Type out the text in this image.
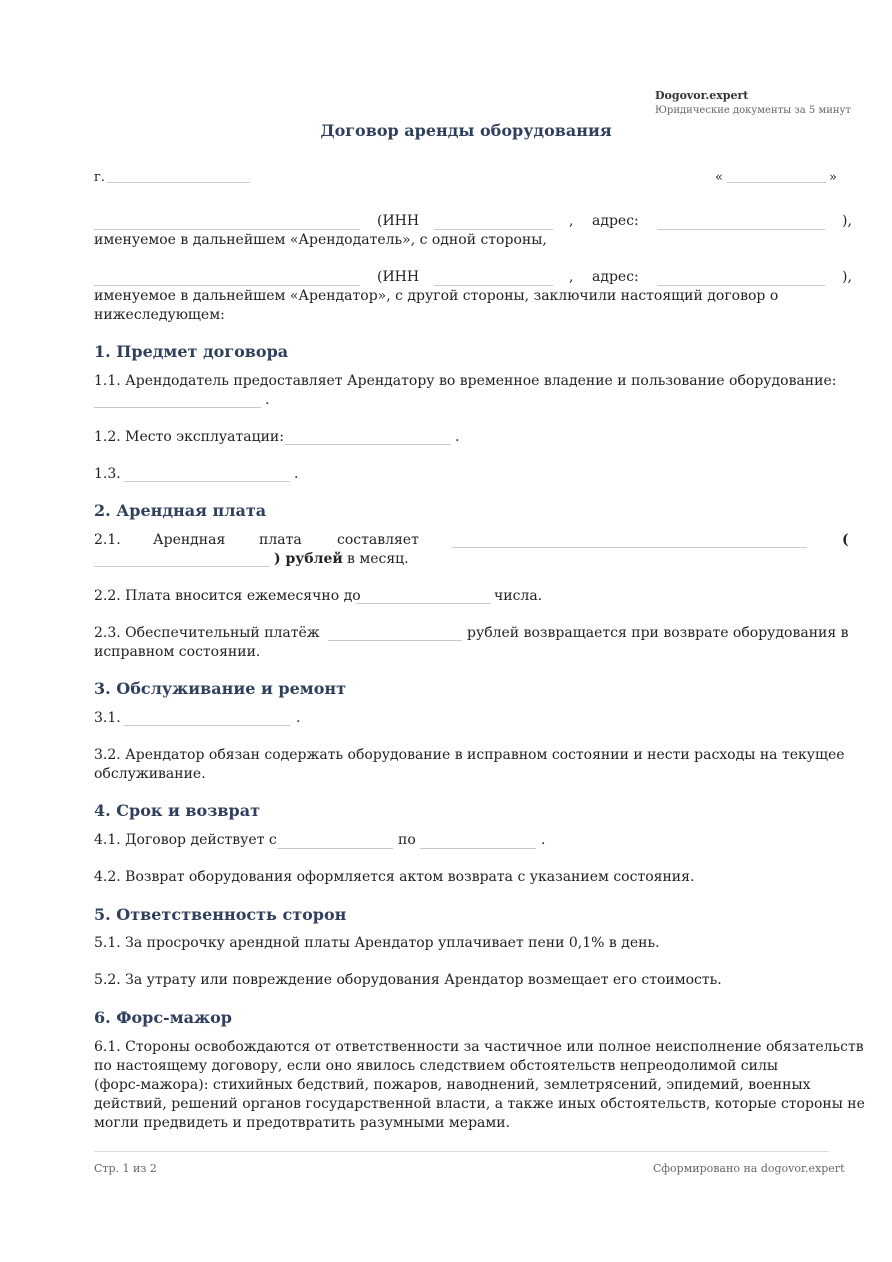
Dogovor.expert
Юридические документы за 5 минут
Договор аренды оборудования
г.	«	»
(ИНН	, адрес:	),
именуемое в дальнейшем «Арендодатель», с одной стороны,
(ИНН	, адрес:	),
именуемое в дальнейшем «Арендатор», с другой стороны, заключили настоящий договор о
нижеследующем:
1. Предмет договора
1.1. Арендодатель предоставляет Арендатору во временное владение и пользование оборудование:
.
1.2. Место эксплуатации:	.
1.3.	.
2. Арендная плата
2.1. Арендная плата	составляет	(
) рублей в месяц.
2.2. Плата вносится ежемесячно до	числа.
2.3. Обеспечительный платёж	рублей возвращается при возврате оборудования в
исправном состоянии.
3. Обслуживание и ремонт
3.1.	.
3.2. Арендатор обязан содержать оборудование в исправном состоянии и нести расходы на текущее
обслуживание.
4. Срок и возврат
4.1. Договор действует с	по	.
4.2. Возврат оборудования оформляется актом возврата с указанием состояния.
5. Ответственность сторон
5.1. За просрочку арендной платы Арендатор уплачивает пени 0,1% в день.
5.2. За утрату или повреждение оборудования Арендатор возмещает его стоимость.
6. Форс-мажор
6.1. Стороны освобождаются от ответственности за частичное или полное неисполнение обязательств
по настоящему договору, если оно явилось следствием обстоятельств непреодолимой силы
(форс-мажора): стихийных бедствий, пожаров, наводнений, землетрясений, эпидемий, военных
действий, решений органов государственной власти, а также иных обстоятельств, которые стороны не
могли предвидеть и предотвратить разумными мерами.
Стр. 1 из 2	Сформировано на dogovor.expert
